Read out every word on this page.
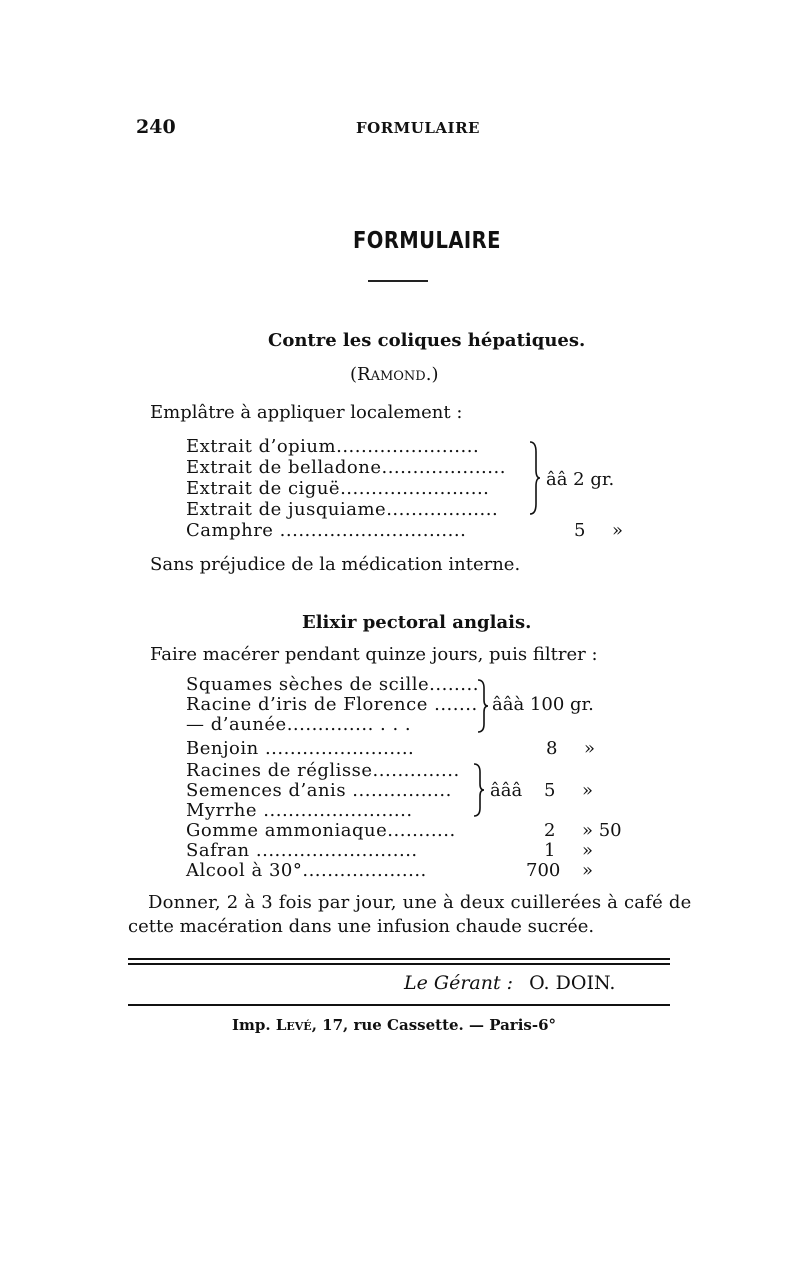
240	FORMULAIRE
FORMULAIRE
Contre les coliques hépatiques.
(Ramond.)
Emplâtre à appliquer localement :
Extrait d’opium.......................
Extrait de belladone....................
Extrait de ciguë........................
Extrait de jusquiame..................
Camphre ..............................
ââ 2 gr.
5 »
Sans préjudice de la médication interne.
Elixir pectoral anglais.
Faire macérer pendant quinze jours, puis filtrer :
Squames sèches de scille........
Racine d’iris de Florence .......
— d’aunée.............. . . .
Benjoin ........................
Racines de réglisse..............
Semences d’anis ................
Myrrhe ........................
Gomme ammoniaque...........
Safran ..........................
Alcool à 30°....................
ââà 100 gr.
8 »
âââ 5 »
2 » 50
1 »
700 »
Donner, 2 à 3 fois par jour, une à deux cuillerées à café de
cette macération dans une infusion chaude sucrée.
Le Gérant : O. DOIN.
Imp. Levé, 17, rue Cassette. — Paris-6°
